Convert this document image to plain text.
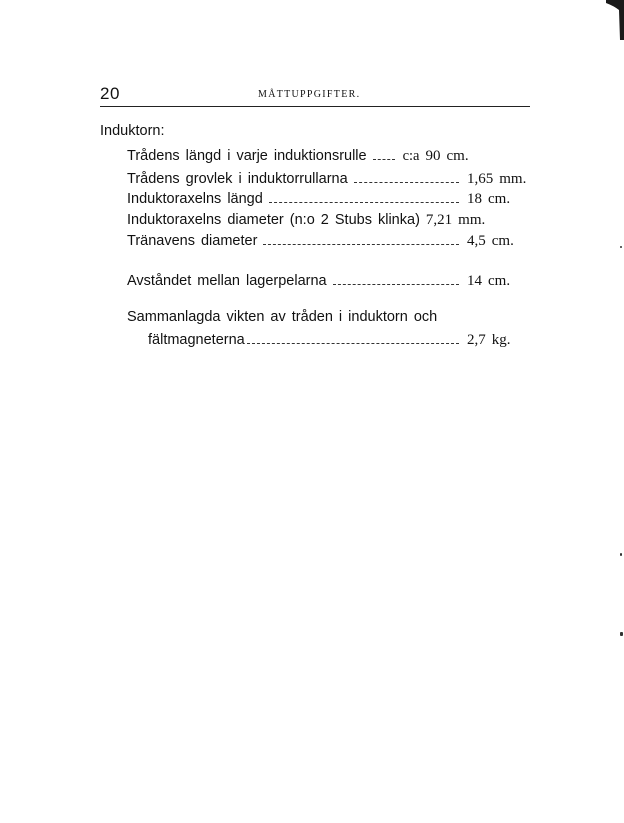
20	MÅTTUPPGIFTER.
Induktorn:
Trådens längd i varje induktionsrulle c:a 90 cm.
Trådens grovlek i induktorrullarna	1,65 mm.
Induktoraxelns längd	18 cm.
Induktoraxelns diameter (n:o 2 Stubs klinka) 7,21 mm.
Tränavens diameter	4,5 cm.
Avståndet mellan lagerpelarna	14 cm.
Sammanlagda vikten av tråden i induktorn och
fältmagneterna	2,7 kg.
